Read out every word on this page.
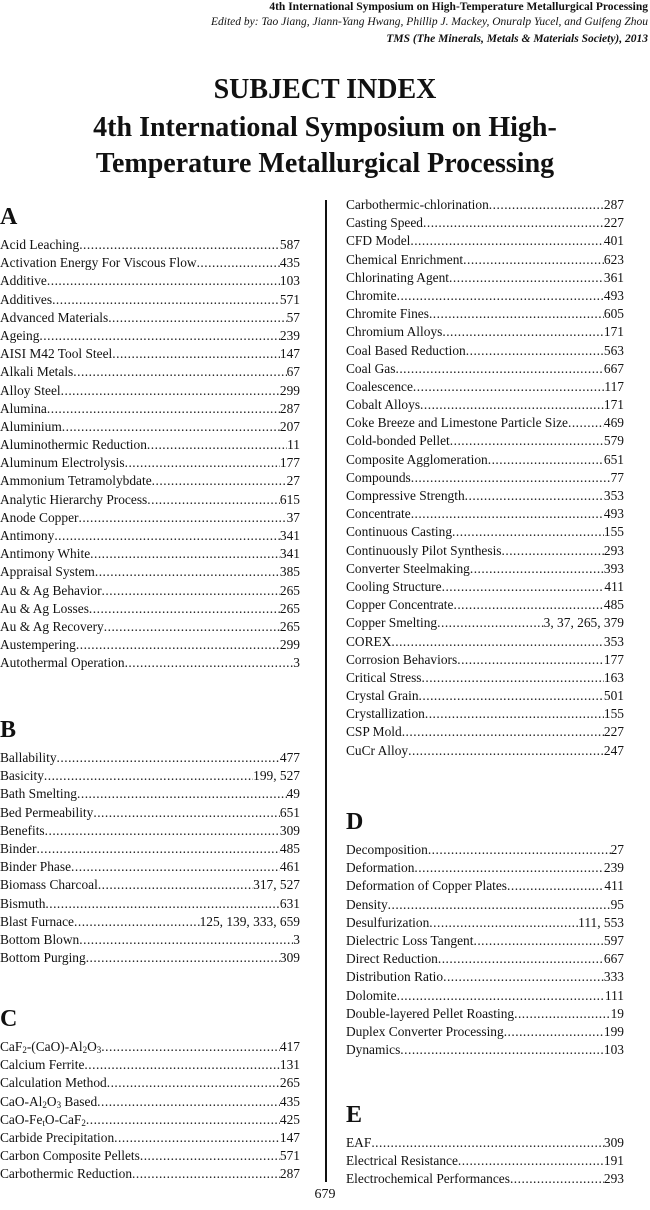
4th International Symposium on High-Temperature Metallurgical Processing
Edited by: Tao Jiang, Jiann-Yang Hwang, Phillip J. Mackey, Onuralp Yucel, and Guifeng Zhou
TMS (The Minerals, Metals & Materials Society), 2013
SUBJECT INDEX
4th International Symposium on High-
Temperature Metallurgical Processing
A
Acid Leaching .....	587
Activation Energy For Viscous Flow .....	435
Additive .....	103
Additives .....	571
Advanced Materials .....	57
Ageing .....	239
AISI M42 Tool Steel .....	147
Alkali Metals .....	67
Alloy Steel .....	299
Alumina .....	287
Aluminium .....	207
Aluminothermic Reduction .....	11
Aluminum Electrolysis .....	177
Ammonium Tetramolybdate .....	27
Analytic Hierarchy Process .....	615
Anode Copper .....	37
Antimony .....	341
Antimony White .....	341
Appraisal System .....	385
Au & Ag Behavior .....	265
Au & Ag Losses .....	265
Au & Ag Recovery .....	265
Austempering .....	299
Autothermal Operation .....	3
B
Ballability .....	477
Basicity .....	199, 527
Bath Smelting .....	49
Bed Permeability .....	651
Benefits .....	309
Binder .....	485
Binder Phase .....	461
Biomass Charcoal .....	317, 527
Bismuth .....	631
Blast Furnace .....	125, 139, 333, 659
Bottom Blown .....	3
Bottom Purging .....	309
C
$CaF_2-(CaO)-Al_2O_3$ .....	417
Calcium Ferrite .....	131
Calculation Method .....	265
CaO-$Al_2O_3$ Based .....	435
CaO-$Fe_tO-CaF_2$ .....	425
Carbide Precipitation .....	147
Carbon Composite Pellets .....	571
Carbothermic Reduction .....	287
Carbothermic-chlorination .....	287
Casting Speed .....	227
CFD Model .....	401
Chemical Enrichment .....	623
Chlorinating Agent .....	361
Chromite .....	493
Chromite Fines .....	605
Chromium Alloys .....	171
Coal Based Reduction .....	563
Coal Gas .....	667
Coalescence .....	117
Cobalt Alloys .....	171
Coke Breeze and Limestone Particle Size .....	469
Cold-bonded Pellet .....	579
Composite Agglomeration .....	651
Compounds .....	77
Compressive Strength .....	353
Concentrate .....	493
Continuous Casting .....	155
Continuously Pilot Synthesis .....	293
Converter Steelmaking .....	393
Cooling Structure .....	411
Copper Concentrate .....	485
Copper Smelting .....	3, 37, 265, 379
COREX .....	353
Corrosion Behaviors .....	177
Critical Stress .....	163
Crystal Grain .....	501
Crystallization .....	155
CSP Mold .....	227
CuCr Alloy .....	247
D
Decomposition .....	27
Deformation .....	239
Deformation of Copper Plates .....	411
Density .....	95
Desulfurization .....	111, 553
Dielectric Loss Tangent .....	597
Direct Reduction .....	667
Distribution Ratio .....	333
Dolomite .....	111
Double-layered Pellet Roasting .....	19
Duplex Converter Processing .....	199
Dynamics .....	103
E
EAF .....	309
Electrical Resistance .....	191
Electrochemical Performances .....	293
679
